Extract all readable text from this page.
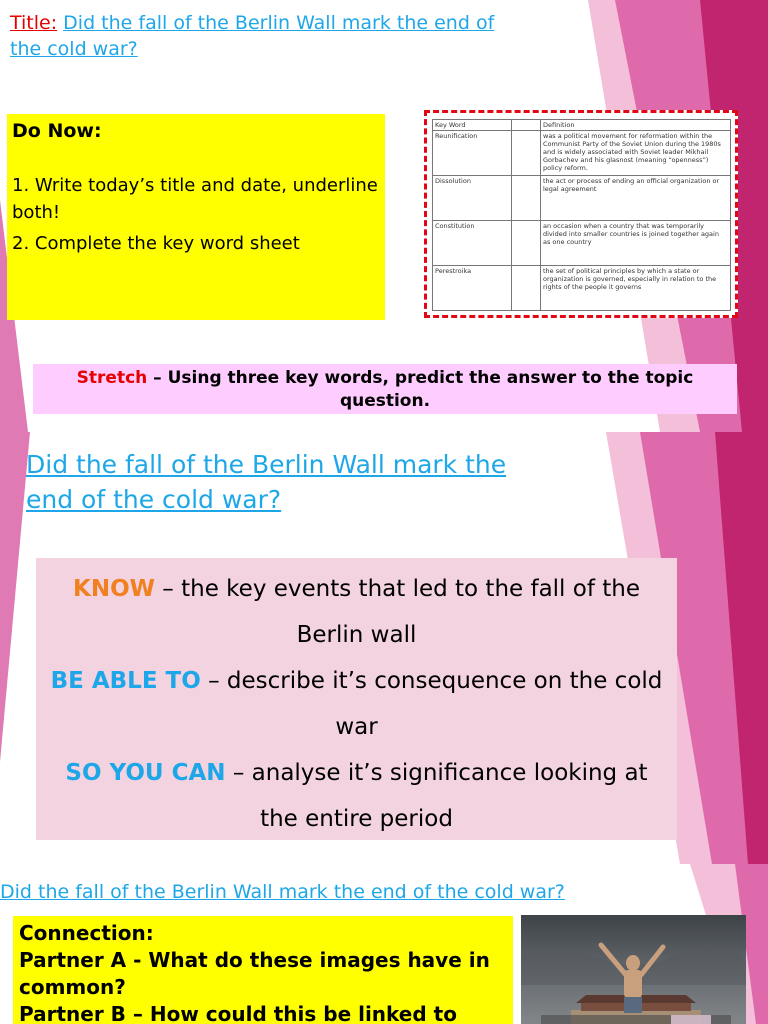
Title: Did the fall of the Berlin Wall mark the end of the cold war?

Do Now:

1. Write today’s title and date, underline both!

2. Complete the key word sheet

Key Word		Definition
Reunification		was a political movement for reformation within the Communist Party of the Soviet Union during the 1980s and is widely associated with Soviet leader Mikhail Gorbachev and his glasnost (meaning “openness”) policy reform.
Dissolution		the act or process of ending an official organization or legal agreement
Constitution		an occasion when a country that was temporarily divided into smaller countries is joined together again as one country
Perestroika		the set of political principles by which a state or organization is governed, especially in relation to the rights of the people it governs
Stretch – Using three key words, predict the answer to the topic question.
Did the fall of the Berlin Wall mark the end of the cold war?

KNOW – the key events that led to the fall of the Berlin wall

BE ABLE TO – describe it’s consequence on the cold war

SO YOU CAN – analyse it’s significance looking at the entire period

Did the fall of the Berlin Wall mark the end of the cold war?

Connection:

Partner A - What do these images have in common?

Partner B – How could this be linked to
